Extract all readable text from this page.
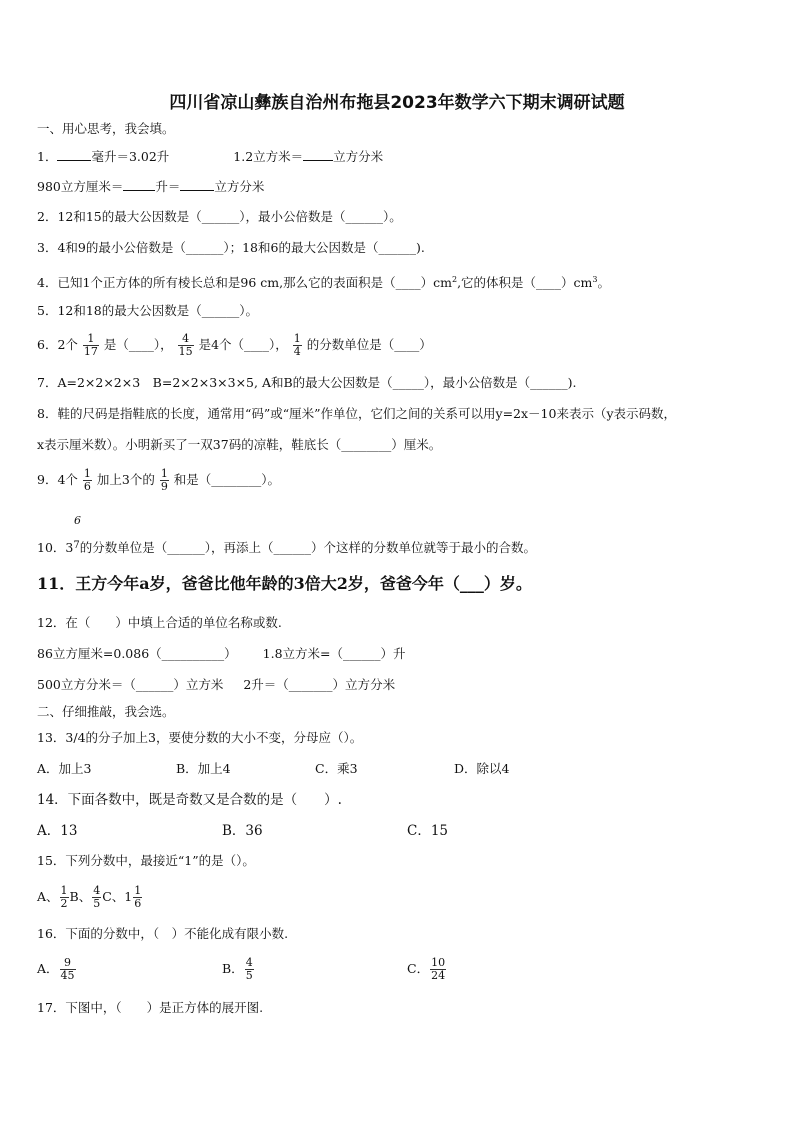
四川省凉山彝族自治州布拖县2023年数学六下期末调研试题
一、用心思考，我会填。
1．	毫升＝3.02升	1.2立方米＝ 立方分米
980立方厘米＝	升＝	立方分米
2．12和15的最大公因数是（______），最小公倍数是（______）。
3．4和9的最小公倍数是（______）；18和6的最大公因数是（______).
4．已知1个正方体的所有棱长总和是96 cm,那么它的表面积是$(\_\_\_\_)cm^2$,它的体积是$(\_\_\_\_)cm^3$。
5．12和18的最大公因数是（______）。
6．2个 $\frac{1}{17}$ 是（____）， $\frac{4}{15}$ 是4个（____）， $\frac{1}{4}$ 的分数单位是（____）
7．A=2×2×2×3　B=2×2×3×3×5, A和B的最大公因数是（_____），最小公倍数是（______).
8．鞋的尺码是指鞋底的长度，通常用“码”或“厘米”作单位，它们之间的关系可以用y=2x－10来表示（y表示码数，
x表示厘米数）。小明新买了一双37码的凉鞋，鞋底长（________）厘米。
9．4个 $\frac{1}{6}$ 加上3个的 $\frac{1}{9}$ 和是（________）。
6
10．$3^7$的分数单位是（______），再添上（______）个这样的分数单位就等于最小的合数。
11．王方今年a岁，爸爸比他年龄的3倍大2岁，爸爸今年（___）岁。
12．在（　　）中填上合适的单位名称或数.
86立方厘米=0.086（__________） 1.8立方米=（______）升
500立方分米＝（______）立方米 2升＝（_______）立方分米
二、仔细推敲，我会选。
13．3/4的分子加上3，要使分数的大小不变，分母应（）。
A．加上3	B．加上4	C．乘3	D．除以4
14．下面各数中，既是奇数又是合数的是（　　）.
A．13	B．36	C．15
15．下列分数中，最接近“1”的是（）。
A、 $\frac{1}{2}$ B、 $\frac{4}{5}$ C、$1 \frac{1}{6}$
16．下面的分数中，（　）不能化成有限小数.
A． $\frac{9}{45}$	B． $\frac{4}{5}$	C． $\frac{10}{24}$
17．下图中，（　　）是正方体的展开图.
